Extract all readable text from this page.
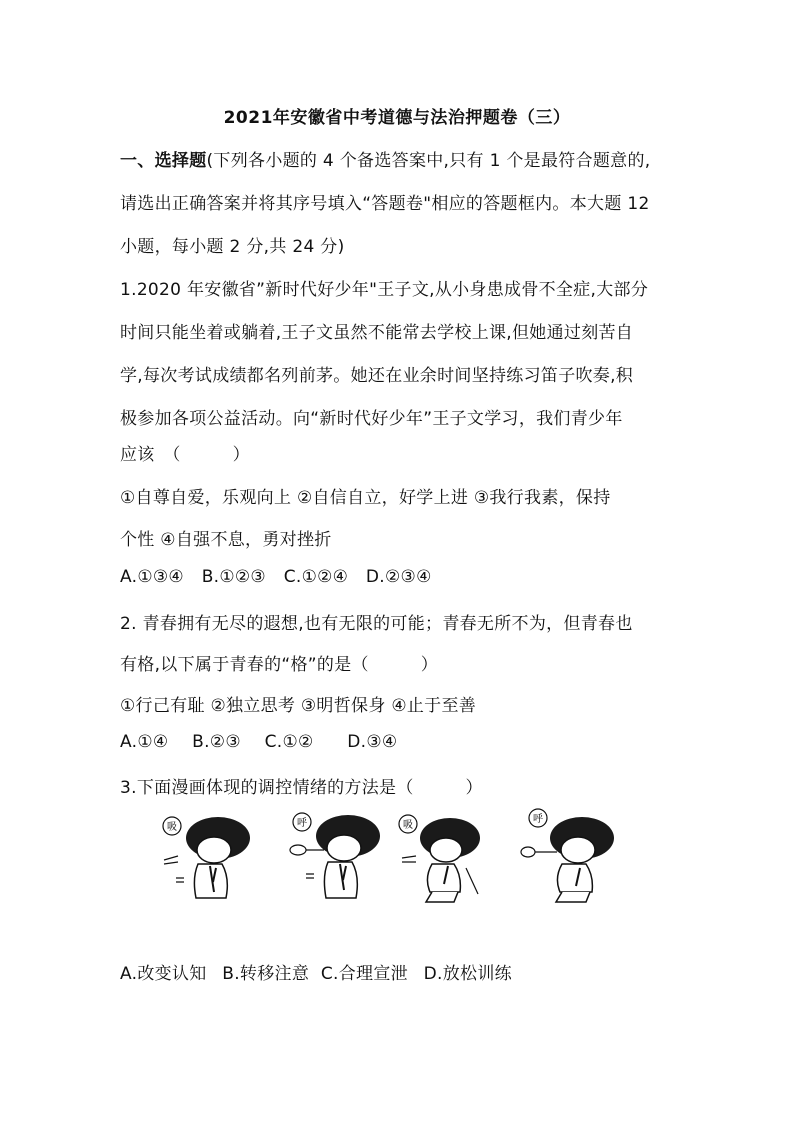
2021年安徽省中考道德与法治押题卷（三）
一、选择题(下列各小题的 4 个备选答案中,只有 1 个是最符合题意的,
请选出正确答案并将其序号填入“答题卷"相应的答题框内。本大题 12
小题，每小题 2 分,共 24 分)
1.2020 年安徽省”新时代好少年"王子文,从小身患成骨不全症,大部分
时间只能坐着或躺着,王子文虽然不能常去学校上课,但她通过刻苦自
学,每次考试成绩都名列前茅。她还在业余时间坚持练习笛子吹奏,积
极参加各项公益活动。向“新时代好少年”王子文学习，我们青少年
应该　（　　　）
①自尊自爱，乐观向上 ②自信自立，好学上进 ③我行我素，保持
个性 ④自强不息，勇对挫折
A.①③④ B.①②③ C.①②④ D.②③④
2. 青春拥有无尽的遐想,也有无限的可能；青春无所不为，但青春也
有格,以下属于青春的“格”的是（　　　）
①行己有耻 ②独立思考 ③明哲保身 ④止于至善
A.①④ B.②③ C.①② D.③④
3.下面漫画体现的调控情绪的方法是（　　　）
吸	呼	吸
呼
A.改变认知 B.转移注意 C.合理宣泄 D.放松训练
